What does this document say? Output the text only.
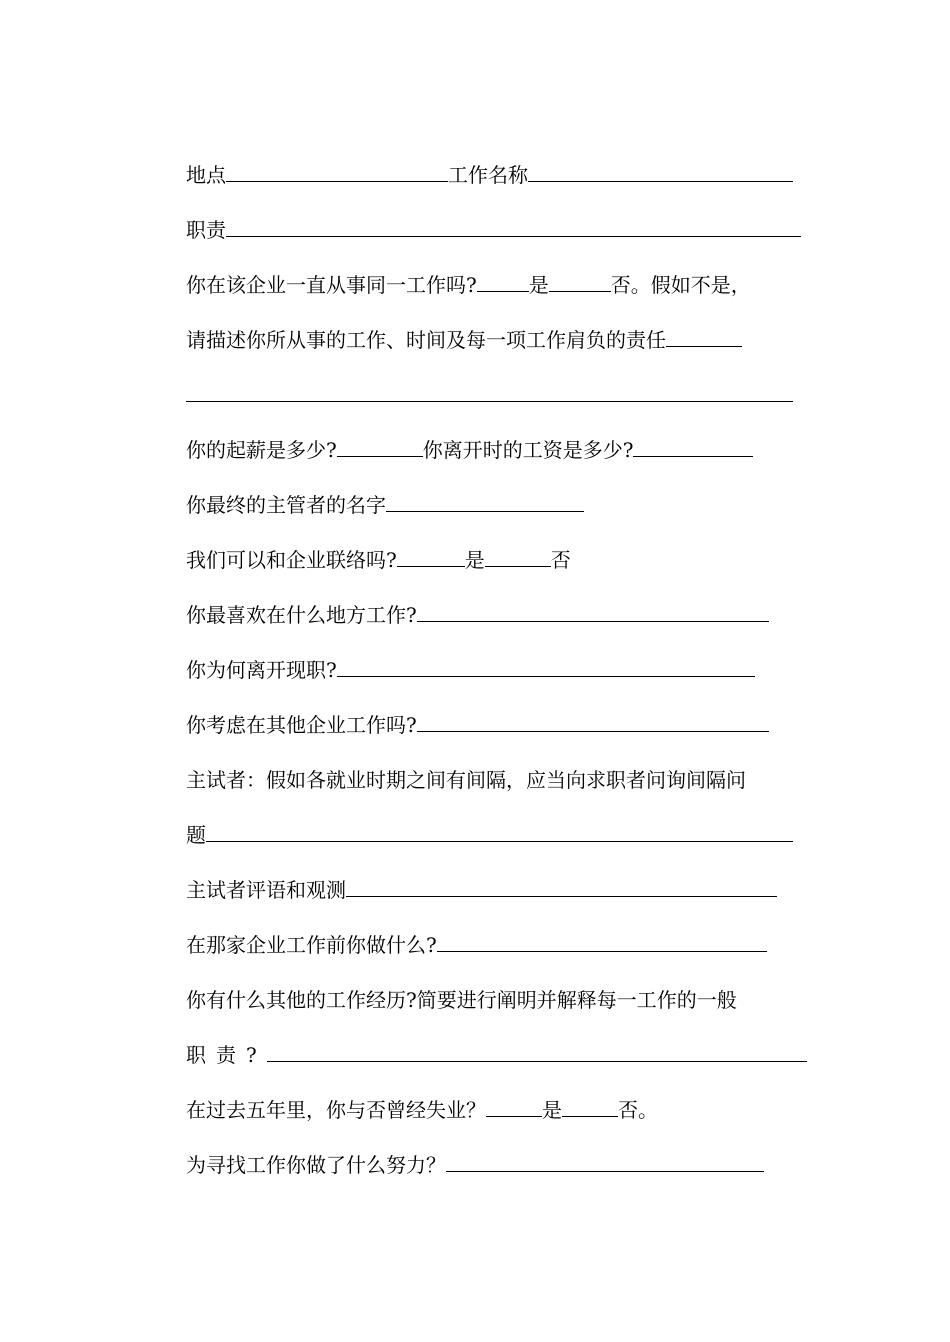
地点	工作名称
职责
你在该企业一直从事同一工作吗?	是	否。假如不是，
请描述你所从事的工作、时间及每一项工作肩负的责任
你的起薪是多少?	你离开时的工资是多少?
你最终的主管者的名字
我们可以和企业联络吗?	是	否
你最喜欢在什么地方工作?
你为何离开现职?
你考虑在其他企业工作吗?
主试者：假如各就业时期之间有间隔，应当向求职者问询间隔问
题
主试者评语和观测
在那家企业工作前你做什么?
你有什么其他的工作经历?简要进行阐明并解释每一工作的一般
职责?
在过去五年里，你与否曾经失业？	是	否。
为寻找工作你做了什么努力？
